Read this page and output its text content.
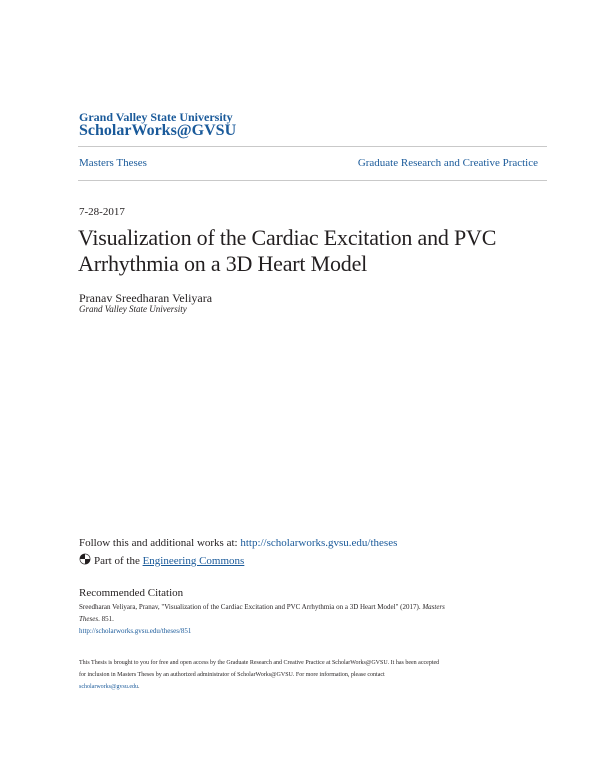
Grand Valley State University
ScholarWorks@GVSU
Masters Theses	Graduate Research and Creative Practice
7-28-2017
Visualization of the Cardiac Excitation and PVC
Arrhythmia on a 3D Heart Model
Pranav Sreedharan Veliyara
Grand Valley State University
Follow this and additional works at: http://scholarworks.gvsu.edu/theses
Part of the Engineering Commons
Recommended Citation
Sreedharan Veliyara, Pranav, "Visualization of the Cardiac Excitation and PVC Arrhythmia on a 3D Heart Model" (2017). Masters
Theses. 851.
http://scholarworks.gvsu.edu/theses/851
This Thesis is brought to you for free and open access by the Graduate Research and Creative Practice at ScholarWorks@GVSU. It has been accepted
for inclusion in Masters Theses by an authorized administrator of ScholarWorks@GVSU. For more information, please contact
scholarworks@gvsu.edu.
